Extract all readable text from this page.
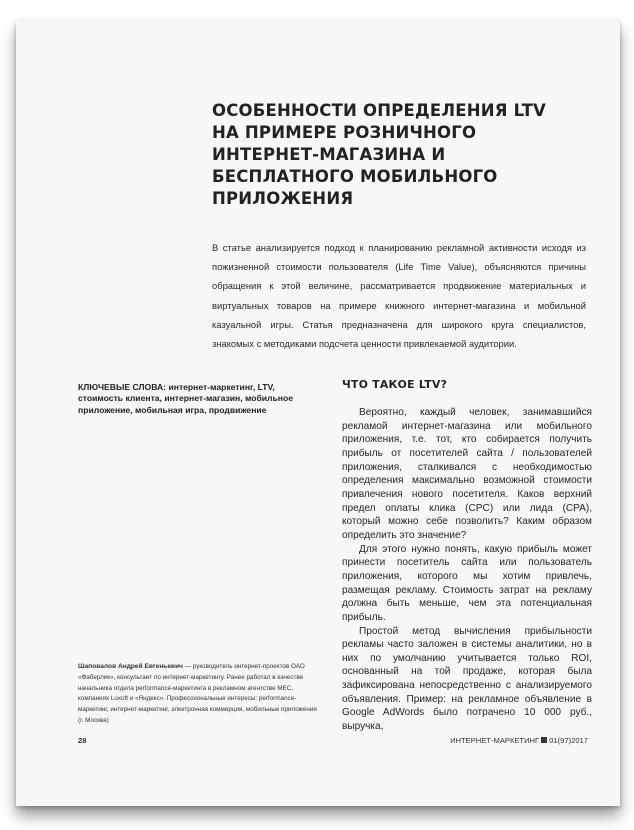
ОСОБЕННОСТИ ОПРЕДЕЛЕНИЯ LTV НА ПРИМЕРЕ РОЗНИЧНОГО ИНТЕРНЕТ-МАГАЗИНА И БЕСПЛАТНОГО МОБИЛЬНОГО ПРИЛОЖЕНИЯ

В статье анализируется подход к планированию рекламной активности исходя из пожизненной стоимости пользователя (Life Time Value), объясняются причины обращения к этой величине, рассматривается продвижение материальных и виртуальных товаров на примере книжного интернет-магазина и мобильной казуальной игры. Статья предназначена для широкого круга специалистов, знакомых с методиками подсчета ценности привлекаемой аудитории.

КЛЮЧЕВЫЕ СЛОВА: интернет-маркетинг, LTV, стоимость клиента, интернет-магазин, мобильное приложение, мобильная игра, продвижение

Шаповалов Андрей Евгеньевич — руководитель интернет-проектов ОАО «Фаберлик», консультант по интернет-маркетингу. Ранее работал в качестве начальника отдела performance-маркетинга в рекламном агентстве MEC, компаниях Luxoft и «Яндекс». Профессиональные интересы: performance-маркетинг, интернет-маркетинг, электронная коммерция, мобильные приложения (г. Москва)

ЧТО ТАКОЕ LTV?

Вероятно, каждый человек, занимавшийся рекламой интернет-магазина или мобильного приложения, т.е. тот, кто собирается получить прибыль от посетителей сайта / пользователей приложения, сталкивался с необходимостью определения максимально возможной стоимости привлечения нового посетителя. Каков верхний предел оплаты клика (CPC) или лида (CPA), который можно себе позволить? Каким образом определить это значение?

Для этого нужно понять, какую прибыль может принести посетитель сайта или пользователь приложения, которого мы хотим привлечь, размещая рекламу. Стоимость затрат на рекламу должна быть меньше, чем эта потенциальная прибыль.

Простой метод вычисления прибыльности рекламы часто заложен в системы аналитики, но в них по умолчанию учитывается только ROI, основанный на той продаже, которая была зафиксирована непосредственно с анализируемого объявления. Пример: на рекламное объявление в Google AdWords было потрачено 10 000 руб., выручка,

28	ИНТЕРНЕТ-МАРКЕТИНГ 01(97)2017
